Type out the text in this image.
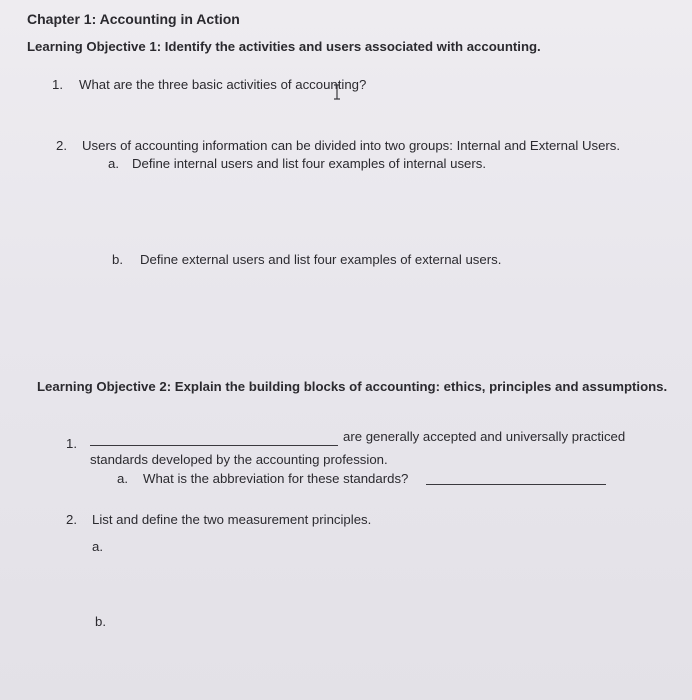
Chapter 1: Accounting in Action
Learning Objective 1: Identify the activities and users associated with accounting.
1. What are the three basic activities of accounting?
2. Users of accounting information can be divided into two groups: Internal and External Users.
a. Define internal users and list four examples of internal users.
b. Define external users and list four examples of external users.
Learning Objective 2: Explain the building blocks of accounting: ethics, principles and assumptions.
1.	are generally accepted and universally practiced
standards developed by the accounting profession.
a. What is the abbreviation for these standards?
2. List and define the two measurement principles.
a.
b.
